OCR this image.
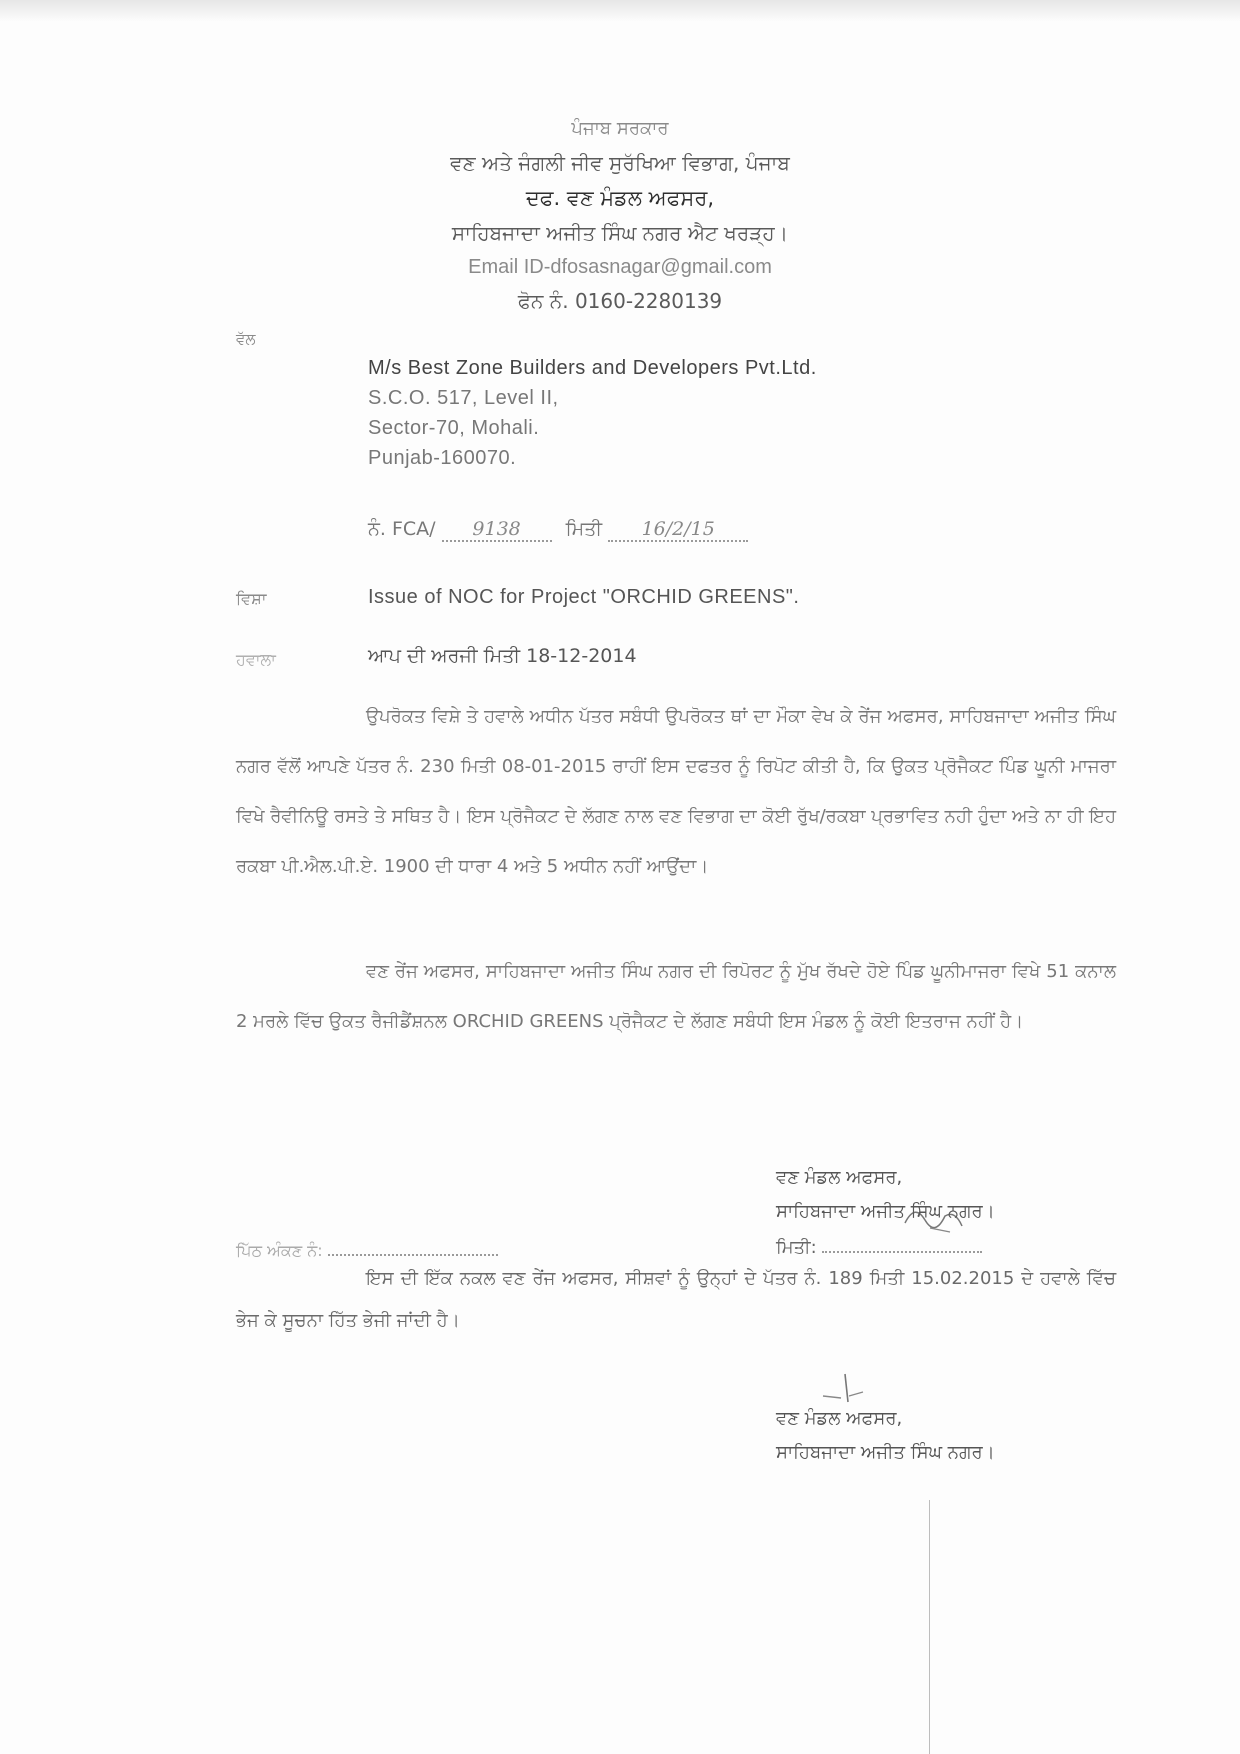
ਪੰਜਾਬ ਸਰਕਾਰ
ਵਣ ਅਤੇ ਜੰਗਲੀ ਜੀਵ ਸੁਰੱਖਿਆ ਵਿਭਾਗ, ਪੰਜਾਬ
ਦਫ. ਵਣ ਮੰਡਲ ਅਫਸਰ,
ਸਾਹਿਬਜਾਦਾ ਅਜੀਤ ਸਿੰਘ ਨਗਰ ਐਟ ਖਰੜ੍ਹ।
Email ID-dfosasnagar@gmail.com
ਫੋਨ ਨੰ. 0160-2280139
ਵੱਲ
M/s Best Zone Builders and Developers Pvt.Ltd.
S.C.O. 517, Level II,
Sector-70, Mohali.
Punjab-160070.
ਨੰ. FCA/ 9138 ਮਿਤੀ 16/2/15
ਵਿਸ਼ਾ	Issue of NOC for Project "ORCHID GREENS".
ਹਵਾਲਾ	ਆਪ ਦੀ ਅਰਜੀ ਮਿਤੀ 18-12-2014
ਉਪਰੋਕਤ ਵਿਸ਼ੇ ਤੇ ਹਵਾਲੇ ਅਧੀਨ ਪੱਤਰ ਸਬੰਧੀ ਉਪਰੋਕਤ ਥਾਂ ਦਾ ਮੌਕਾ ਵੇਖ ਕੇ ਰੇਂਜ ਅਫਸਰ, ਸਾਹਿਬਜਾਦਾ ਅਜੀਤ ਸਿੰਘ ਨਗਰ ਵੱਲੋਂ ਆਪਣੇ ਪੱਤਰ ਨੰ. 230 ਮਿਤੀ 08-01-2015 ਰਾਹੀਂ ਇਸ ਦਫਤਰ ਨੂੰ ਰਿਪੋਟ ਕੀਤੀ ਹੈ, ਕਿ ਉਕਤ ਪ੍ਰੋਜੈਕਟ ਪਿੰਡ ਘੂਨੀ ਮਾਜਰਾ ਵਿਖੇ ਰੈਵੀਨਿਊ ਰਸਤੇ ਤੇ ਸਥਿਤ ਹੈ। ਇਸ ਪ੍ਰੋਜੈਕਟ ਦੇ ਲੱਗਣ ਨਾਲ ਵਣ ਵਿਭਾਗ ਦਾ ਕੋਈ ਰੁੱਖ/ਰਕਬਾ ਪ੍ਰਭਾਵਿਤ ਨਹੀ ਹੁੰਦਾ ਅਤੇ ਨਾ ਹੀ ਇਹ ਰਕਬਾ ਪੀ.ਐਲ.ਪੀ.ਏ. 1900 ਦੀ ਧਾਰਾ 4 ਅਤੇ 5 ਅਧੀਨ ਨਹੀਂ ਆਉਂਦਾ।
ਵਣ ਰੇਂਜ ਅਫਸਰ, ਸਾਹਿਬਜਾਦਾ ਅਜੀਤ ਸਿੰਘ ਨਗਰ ਦੀ ਰਿਪੋਰਟ ਨੂੰ ਮੁੱਖ ਰੱਖਦੇ ਹੋਏ ਪਿੰਡ ਘੂਨੀਮਾਜਰਾ ਵਿਖੇ 51 ਕਨਾਲ 2 ਮਰਲੇ ਵਿੱਚ ਉਕਤ ਰੈਜੀਡੈਂਸ਼ਨਲ ORCHID GREENS ਪ੍ਰੋਜੈਕਟ ਦੇ ਲੱਗਣ ਸਬੰਧੀ ਇਸ ਮੰਡਲ ਨੂੰ ਕੋਈ ਇਤਰਾਜ ਨਹੀਂ ਹੈ।
ਵਣ ਮੰਡਲ ਅਫਸਰ,
ਸਾਹਿਬਜਾਦਾ ਅਜੀਤ ਸਿੰਘ ਨਗਰ।
ਮਿਤੀ:
ਪਿੱਠ ਅੰਕਣ ਨੰ:
ਇਸ ਦੀ ਇੱਕ ਨਕਲ ਵਣ ਰੇਂਜ ਅਫਸਰ, ਸੀਸ਼ਵਾਂ ਨੂੰ ਉਨ੍ਹਾਂ ਦੇ ਪੱਤਰ ਨੰ. 189 ਮਿਤੀ 15.02.2015 ਦੇ ਹਵਾਲੇ ਵਿੱਚ ਭੇਜ ਕੇ ਸੂਚਨਾ ਹਿੱਤ ਭੇਜੀ ਜਾਂਦੀ ਹੈ।
ਵਣ ਮੰਡਲ ਅਫਸਰ,
ਸਾਹਿਬਜਾਦਾ ਅਜੀਤ ਸਿੰਘ ਨਗਰ।
